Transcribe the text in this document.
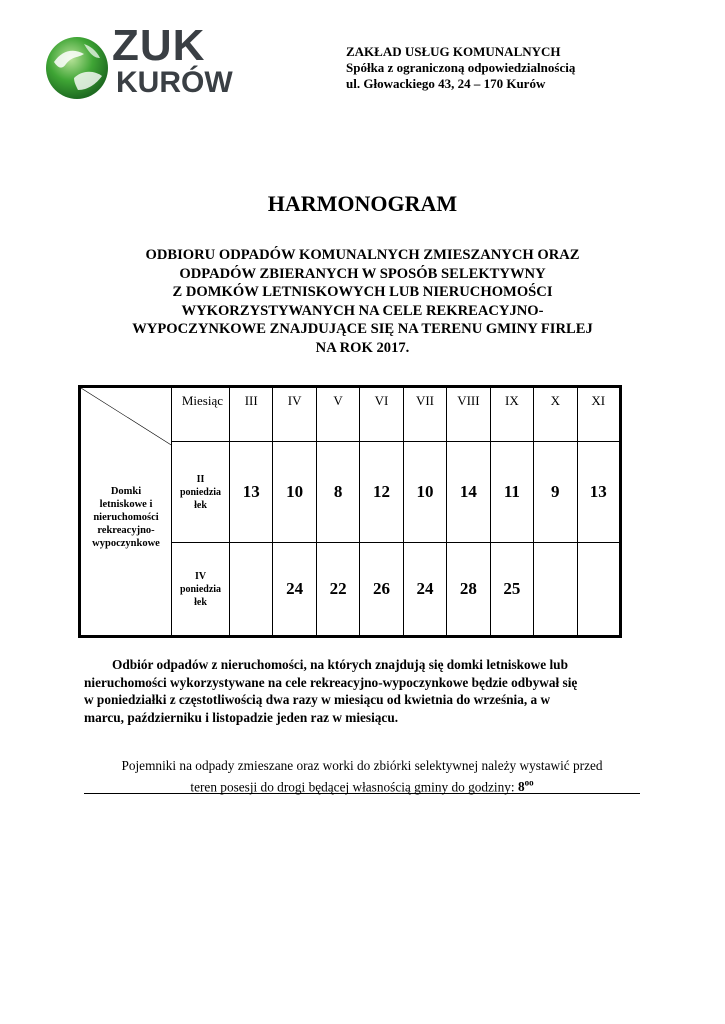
ZUK
KURÓW
ZAKŁAD USŁUG KOMUNALNYCH
Spółka z ograniczoną odpowiedzialnością
ul. Głowackiego 43, 24 – 170 Kurów
HARMONOGRAM
ODBIORU ODPADÓW KOMUNALNYCH ZMIESZANYCH ORAZ
ODPADÓW ZBIERANYCH W SPOSÓB SELEKTYWNY
Z DOMKÓW LETNISKOWYCH LUB NIERUCHOMOŚCI
WYKORZYSTYWANYCH NA CELE REKREACYJNO-
WYPOCZYNKOWE ZNAJDUJĄCE SIĘ NA TERENU GMINY FIRLEJ
NA ROK 2017.
Domki
letniskowe i
nieruchomości
rekreacyjno-
wypoczynkowe	Miesiąc	III	IV	V	VI	VII	VIII	IX	X	XI

	II
poniedzia
łek	13	10	8	12	10	14	11	9	13

	IV
poniedzia
łek		24	22	26	24	28	25		
Odbiór odpadów z nieruchomości, na których znajdują się domki letniskowe lub
nieruchomości wykorzystywane na cele rekreacyjno-wypoczynkowe będzie odbywał się
w poniedziałki z częstotliwością dwa razy w miesiącu od kwietnia do września, a w
marcu, październiku i listopadzie jeden raz w miesiącu.
Pojemniki na odpady zmieszane oraz worki do zbiórki selektywnej należy wystawić przed
teren posesji do drogi będącej własnością gminy do godziny: $8^{oo}$
